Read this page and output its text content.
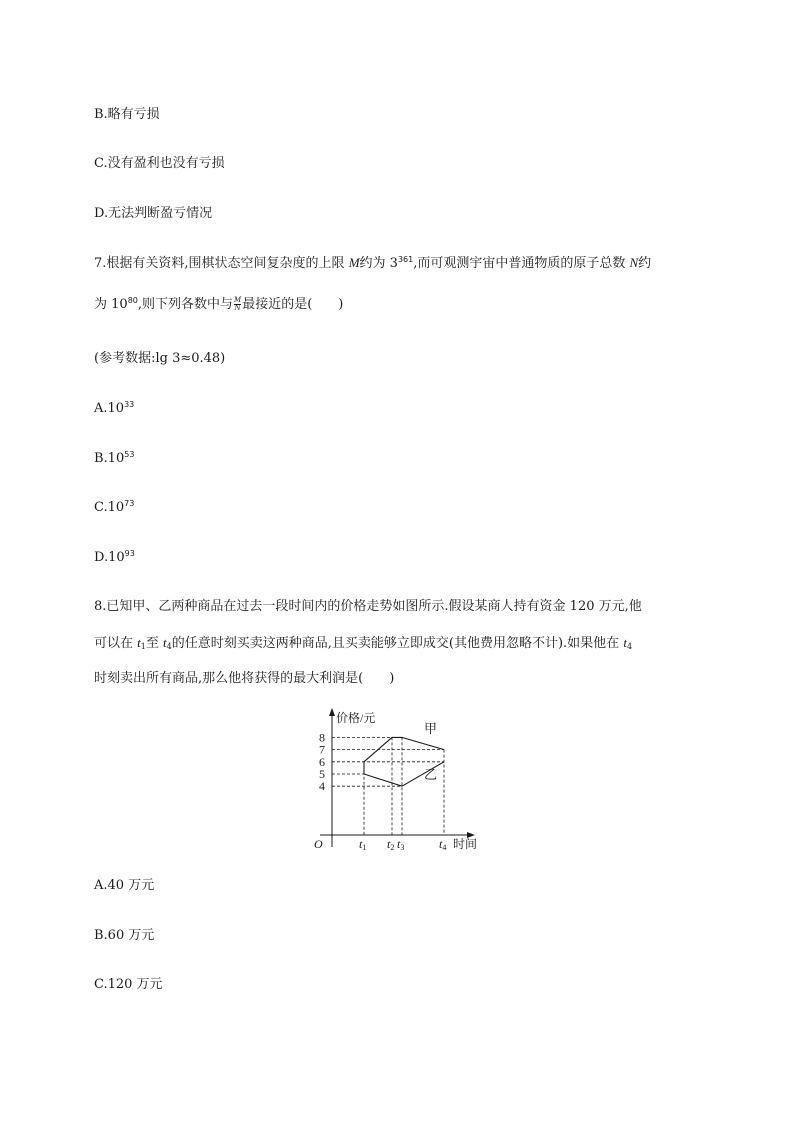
B.略有亏损
C.没有盈利也没有亏损
D.无法判断盈亏情况
7.根据有关资料,围棋状态空间复杂度的上限 M约为 $3^{361}$,而可观测宇宙中普通物质的原子总数 N约
为 $10^{80}$,则下列各数中与 $\frac{M}{N}$ 最接近的是( )
(参考数据:lg 3≈0.48)
$A.10^{33}$
$B.10^{53}$
$C.10^{73}$
$D.10^{93}$
8.已知甲、乙两种商品在过去一段时间内的价格走势如图所示.假设某商人持有资金 120 万元,他
可以在 $t_1$至 $t_4$的任意时刻买卖这两种商品,且买卖能够立即成交(其他费用忽略不计).如果他在 $t_4$
时刻卖出所有商品,那么他将获得的最大利润是( )
价格/元
时间
O
4
5
6
7
8
t1 t2 t3	t4
甲
乙
A.40 万元
B.60 万元
C.120 万元
